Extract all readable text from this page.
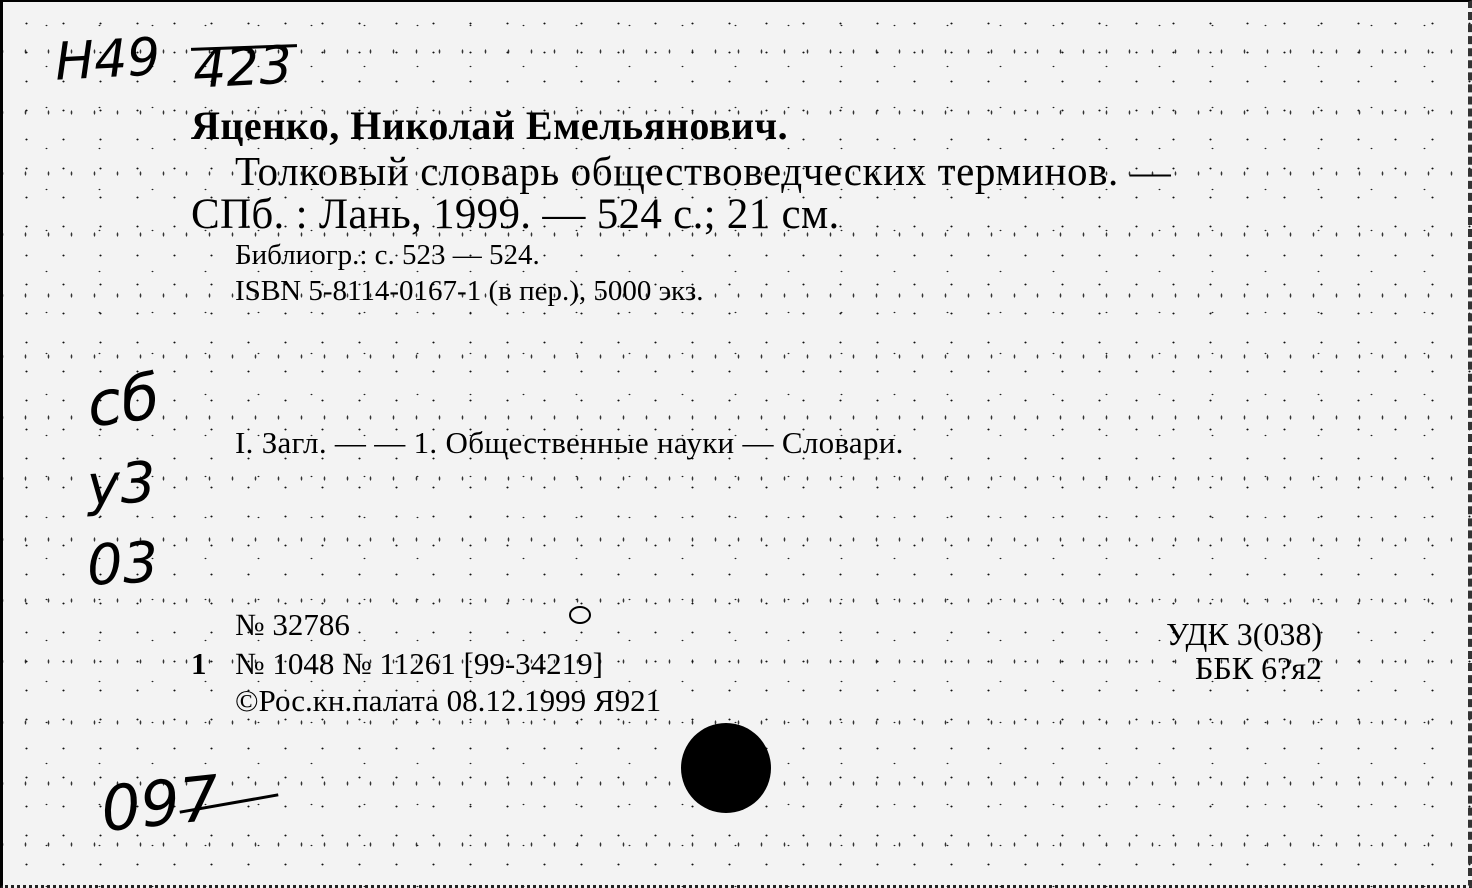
Н49 423

Яценко, Николай Емельянович.

Толковый словарь обществоведческих терминов. —

СПб. : Лань, 1999. — 524 с.; 21 см.

Библиогр.: с. 523 — 524.

ISBN 5-8114-0167-1 (в пер.), 5000 экз.

сб
у3
03

I. Загл. — — 1. Общественные науки — Словари.

№ 32786

1 № 1048 № 11261 [99-34219]

©Рос.кн.палата 08.12.1999 Я921

УДК 3(038)

ББК 6?я2

097
